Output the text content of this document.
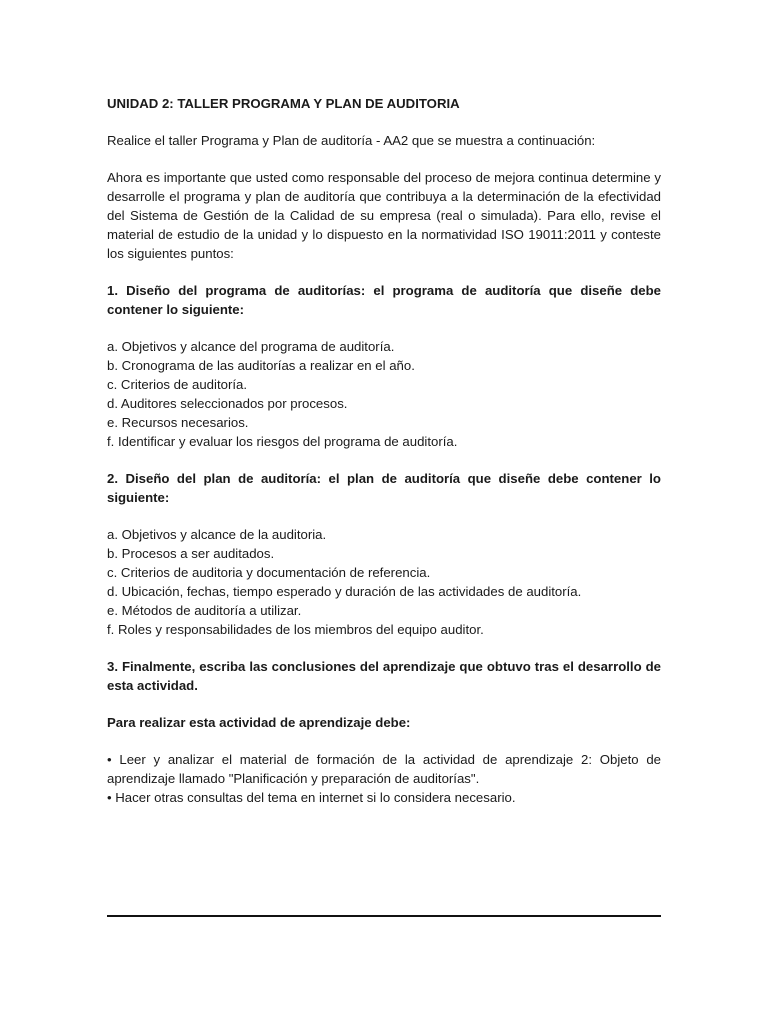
UNIDAD 2: TALLER PROGRAMA Y PLAN DE AUDITORIA
Realice el taller Programa y Plan de auditoría - AA2 que se muestra a continuación:
Ahora es importante que usted como responsable del proceso de mejora continua determine y desarrolle el programa y plan de auditoría que contribuya a la determinación de la efectividad del Sistema de Gestión de la Calidad de su empresa (real o simulada). Para ello, revise el material de estudio de la unidad y lo dispuesto en la normatividad ISO 19011:2011 y conteste los siguientes puntos:
1. Diseño del programa de auditorías: el programa de auditoría que diseñe debe contener lo siguiente:
a. Objetivos y alcance del programa de auditoría.
b. Cronograma de las auditorías a realizar en el año.
c. Criterios de auditoría.
d. Auditores seleccionados por procesos.
e. Recursos necesarios.
f. Identificar y evaluar los riesgos del programa de auditoría.
2. Diseño del plan de auditoría: el plan de auditoría que diseñe debe contener lo siguiente:
a. Objetivos y alcance de la auditoria.
b. Procesos a ser auditados.
c. Criterios de auditoria y documentación de referencia.
d. Ubicación, fechas, tiempo esperado y duración de las actividades de auditoría.
e. Métodos de auditoría a utilizar.
f. Roles y responsabilidades de los miembros del equipo auditor.
3. Finalmente, escriba las conclusiones del aprendizaje que obtuvo tras el desarrollo de esta actividad.
Para realizar esta actividad de aprendizaje debe:
• Leer y analizar el material de formación de la actividad de aprendizaje 2: Objeto de aprendizaje llamado "Planificación y preparación de auditorías".
• Hacer otras consultas del tema en internet si lo considera necesario.
